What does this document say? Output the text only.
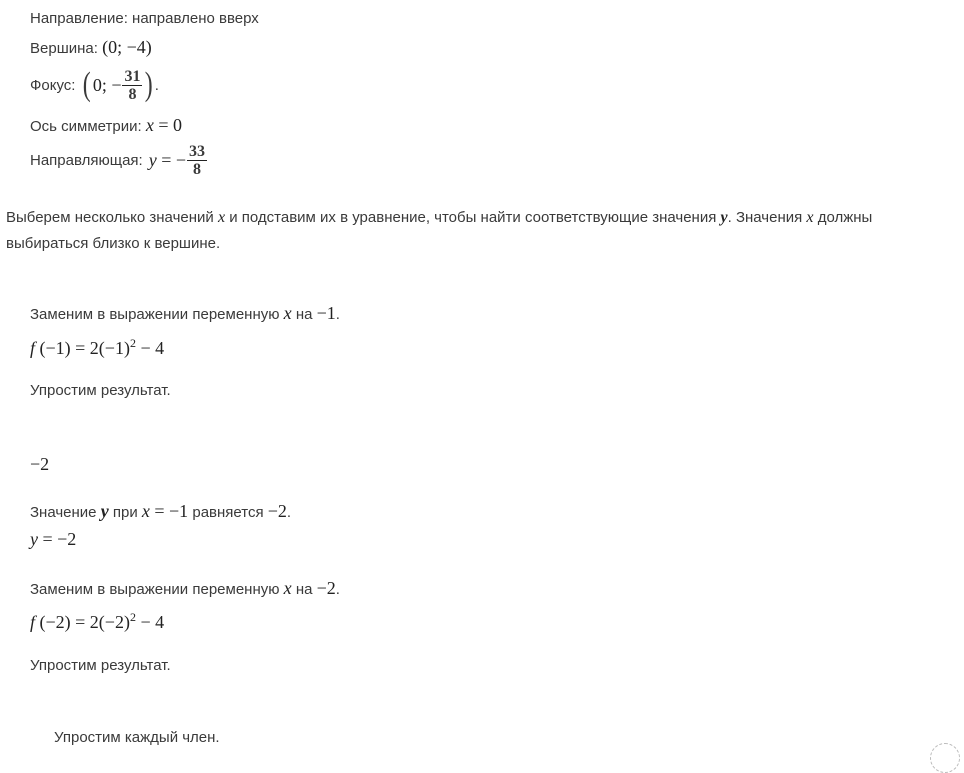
Направление: направлено вверх
Вершина: (0; −4)
Фокус: ( 0; − $\frac{31}{8}$ ) .
Ось симметрии: x = 0
Направляющая: y = − $\frac{33}{8}$
Выберем несколько значений x и подставим их в уравнение, чтобы найти соответствующие значения y. Значения x должны выбираться близко к вершине.
Заменим в выражении переменную x на −1.
f $(-1) = 2(-1)^2 - 4$
Упростим результат.
−2
Значение y при x = −1 равняется −2.
y = −2
Заменим в выражении переменную x на −2.
f $(-2) = 2(-2)^2 - 4$
Упростим результат.
Упростим каждый член.
